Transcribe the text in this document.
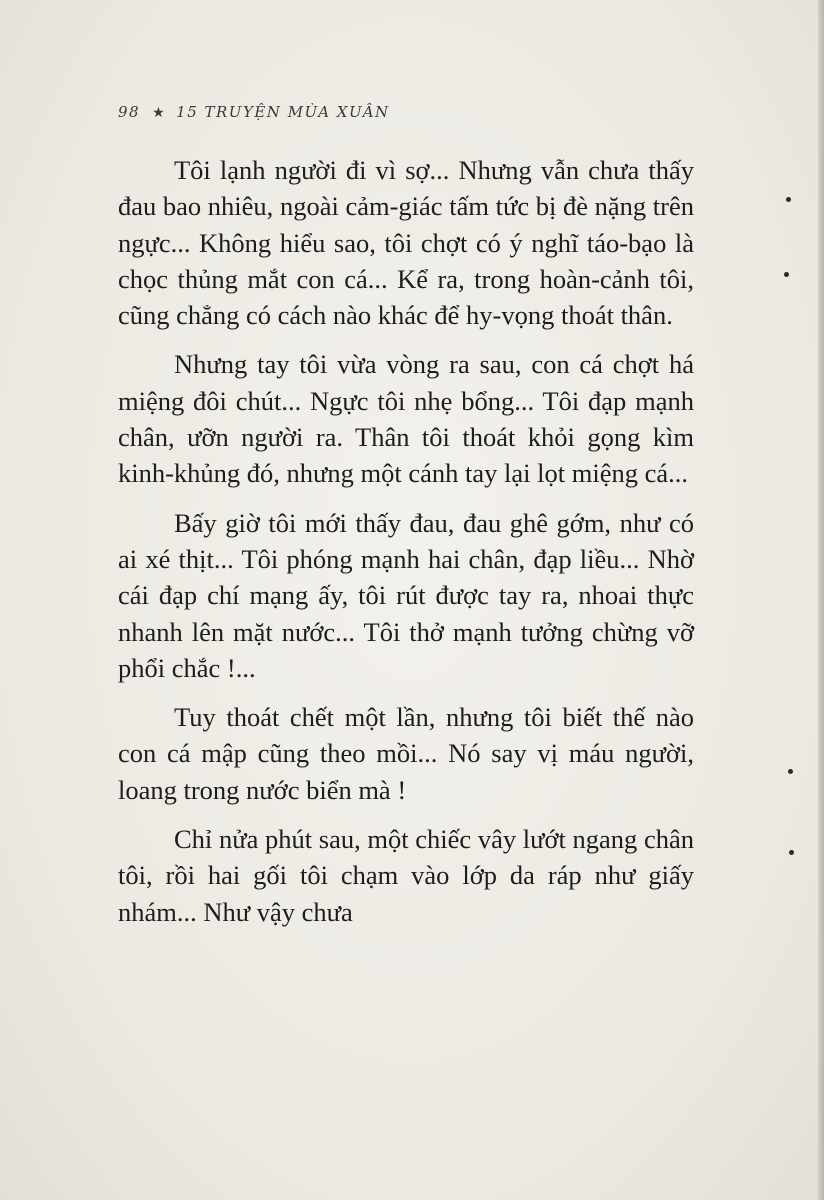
98 ★ 15 TRUYỆN MÙA XUÂN

Tôi lạnh người đi vì sợ... Nhưng vẫn chưa thấy đau bao nhiêu, ngoài cảm-giác tấm tức bị đè nặng trên ngực... Không hiểu sao, tôi chợt có ý nghĩ táo-bạo là chọc thủng mắt con cá... Kể ra, trong hoàn-cảnh tôi, cũng chẳng có cách nào khác để hy-vọng thoát thân.

Nhưng tay tôi vừa vòng ra sau, con cá chợt há miệng đôi chút... Ngực tôi nhẹ bổng... Tôi đạp mạnh chân, ưỡn người ra. Thân tôi thoát khỏi gọng kìm kinh-khủng đó, nhưng một cánh tay lại lọt miệng cá...

Bấy giờ tôi mới thấy đau, đau ghê gớm, như có ai xé thịt... Tôi phóng mạnh hai chân, đạp liều... Nhờ cái đạp chí mạng ấy, tôi rút được tay ra, nhoai thực nhanh lên mặt nước... Tôi thở mạnh tưởng chừng vỡ phổi chắc !...

Tuy thoát chết một lần, nhưng tôi biết thế nào con cá mập cũng theo mồi... Nó say vị máu người, loang trong nước biển mà !

Chỉ nửa phút sau, một chiếc vây lướt ngang chân tôi, rồi hai gối tôi chạm vào lớp da ráp như giấy nhám... Như vậy chưa
